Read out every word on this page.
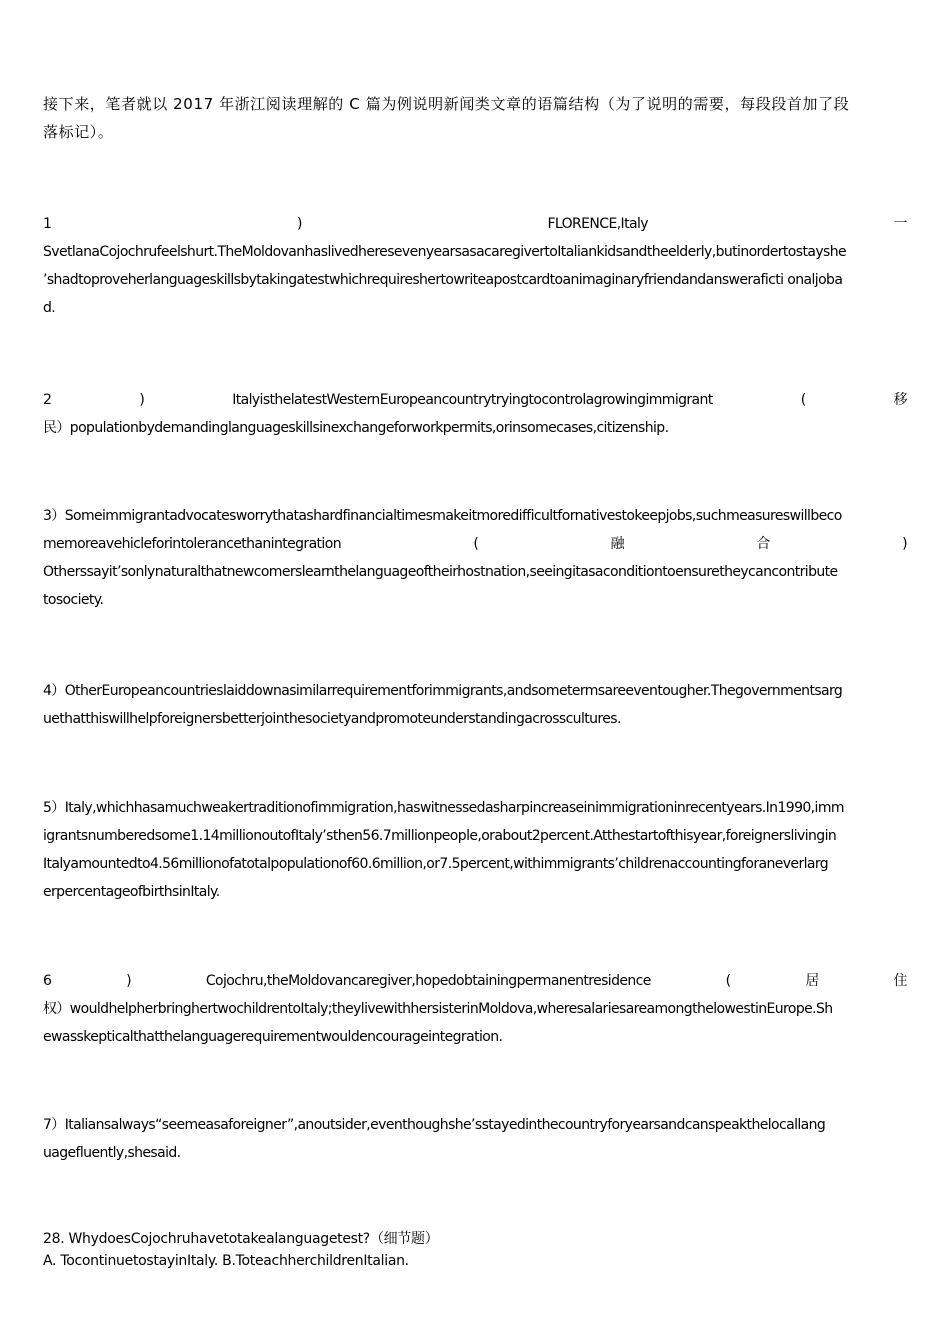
接下来，笔者就以 2017 年浙江阅读理解的 C 篇为例说明新闻类文章的语篇结构（为了说明的需要，每段段首加了段
落标记）。
1	)	FLORENCE,Italy	一
SvetlanaCojochrufeelshurt.TheMoldovanhaslivedheresevenyearsasacaregivertoItaliankidsandtheelderly,butinordertostayshe
’shadtoproveherlanguageskillsbytakingatestwhichrequireshertowriteapostcardtoanimaginaryfriendandansweraficti onaljoba
d.
2	)	ItalyisthelatestWesternEuropeancountrytryingtocontrolagrowingimmigrant	(	移
民）populationbydemandinglanguageskillsinexchangeforworkpermits,orinsomecases,citizenship.
3）Someimmigrantadvocatesworrythatashardfinancialtimesmakeitmoredifficultfornativestokeepjobs,suchmeasureswillbeco
memoreavehicleforintolerancethanintegration	(	融	合	)
Otherssayit’sonlynaturalthatnewcomerslearnthelanguageoftheirhostnation,seeingitasaconditiontoensuretheycancontribute
tosociety.
4）OtherEuropeancountrieslaiddownasimilarrequirementforimmigrants,andsometermsareeventougher.Thegovernmentsarg
uethatthiswillhelpforeignersbetterjointhesocietyandpromoteunderstandingacrosscultures.
5）Italy,whichhasamuchweakertraditionofimmigration,haswitnessedasharpincreaseinimmigrationinrecentyears.In1990,imm
igrantsnumberedsome1.14millionoutofItaly’sthen56.7millionpeople,orabout2percent.Atthestartofthisyear,foreignerslivingin
Italyamountedto4.56millionofatotalpopulationof60.6million,or7.5percent,withimmigrants’childrenaccountingforaneverlarg
erpercentageofbirthsinItaly.
6	)	Cojochru,theMoldovancaregiver,hopedobtainingpermanentresidence	(	居	住
权）wouldhelpherbringhertwochildrentoItaly;theylivewithhersisterinMoldova,wheresalariesareamongthelowestinEurope.Sh
ewasskepticalthatthelanguagerequirementwouldencourageintegration.
7）Italiansalways“seemeasaforeigner”,anoutsider,eventhoughshe’sstayedinthecountryforyearsandcanspeakthelocallang
uagefluently,shesaid.
28. WhydoesCojochruhavetotakealanguagetest?（细节题）
A. TocontinuetostayinItaly. B.ToteachherchildrenItalian.
